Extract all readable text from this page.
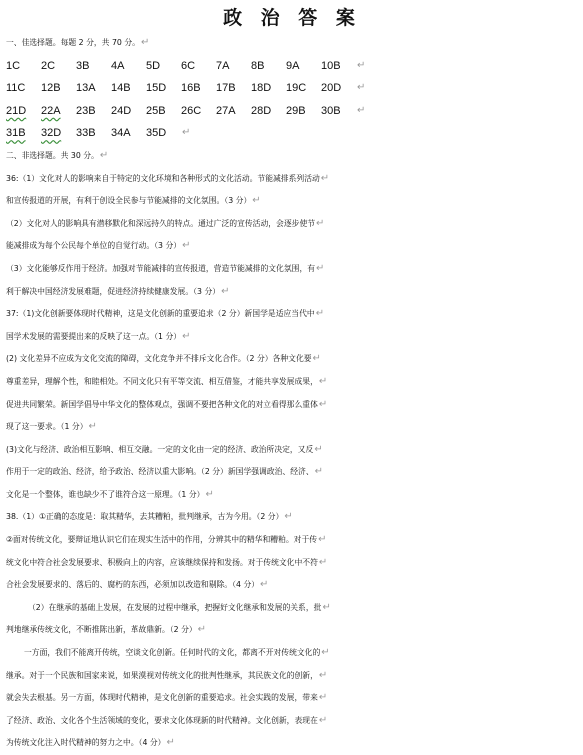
政 治 答 案
一、佳选择题。每题 2 分，共 70 分。↵
1C	2C	3B	4A	5D	6C	7A	8B	9A	10B	↵
11C	12B	13A	14B	15D	16B	17B	18D	19C	20D	↵
21D	22A	23B	24D	25B	26C	27A	28D	29B	30B	↵
31B	32D	33B	34A	35D	↵
二、非选择题。共 30 分。↵
36:（1）文化对人的影响来自于特定的文化环境和各种形式的文化活动。节能减排系列活动↵
和宣传报道的开展，有利于创设全民参与节能减排的文化氛围。（3 分）↵
（2）文化对人的影响具有潜移默化和深远持久的特点。通过广泛的宣传活动，会逐步使节↵
能减排成为每个公民每个单位的自觉行动。（3 分）↵
（3）文化能够反作用于经济。加强对节能减排的宣传报道，营造节能减排的文化氛围，有↵
利于解决中国经济发展难题，促进经济持续健康发展。（3 分）↵
37:（1)文化创新要体现时代精神，这是文化创新的重要追求（2 分）新国学是适应当代中↵
国学术发展的需要提出来的反映了这一点。（1 分）↵
(2) 文化差异不应成为文化交流的障碍，文化竞争并不排斥文化合作。（2 分）各种文化要↵
尊重差异，理解个性，和睦相处。不同文化只有平等交流、相互借鉴，才能共享发展成果，↵
促进共同繁荣。新国学倡导中华文化的整体观点，强调不要把各种文化的对立看得那么重体↵
现了这一要求。（1 分）↵
(3)文化与经济、政治相互影响、相互交融。一定的文化由一定的经济、政治所决定，又反↵
作用于一定的政治、经济，给予政治、经济以重大影响。（2 分）新国学强调政治、经济、↵
文化是一个整体，谁也缺少不了谁符合这一原理。（1 分）↵
38.（1）①正确的态度是：取其精华，去其糟粕，批判继承，古为今用。（2 分）↵
②面对传统文化，要辩证地认识它们在现实生活中的作用，分辨其中的精华和糟粕。对于传↵
统文化中符合社会发展要求、积极向上的内容，应该继续保持和发扬。对于传统文化中不符↵
合社会发展要求的、落后的、腐朽的东西，必须加以改造和剔除。（4 分）↵
（2）在继承的基础上发展，在发展的过程中继承，把握好文化继承和发展的关系，批↵
判地继承传统文化，不断推陈出新，革故鼎新。（2 分）↵
一方面，我们不能离开传统，空谈文化创新。任何时代的文化，都离不开对传统文化的↵
继承。对于一个民族和国家来说，如果漠视对传统文化的批判性继承，其民族文化的创新，↵
就会失去根基。另一方面，体现时代精神，是文化创新的重要追求。社会实践的发展，带来↵
了经济、政治、文化各个生活领域的变化，要求文化体现新的时代精神。文化创新，表现在↵
为传统文化注入时代精神的努力之中。（4 分）↵
